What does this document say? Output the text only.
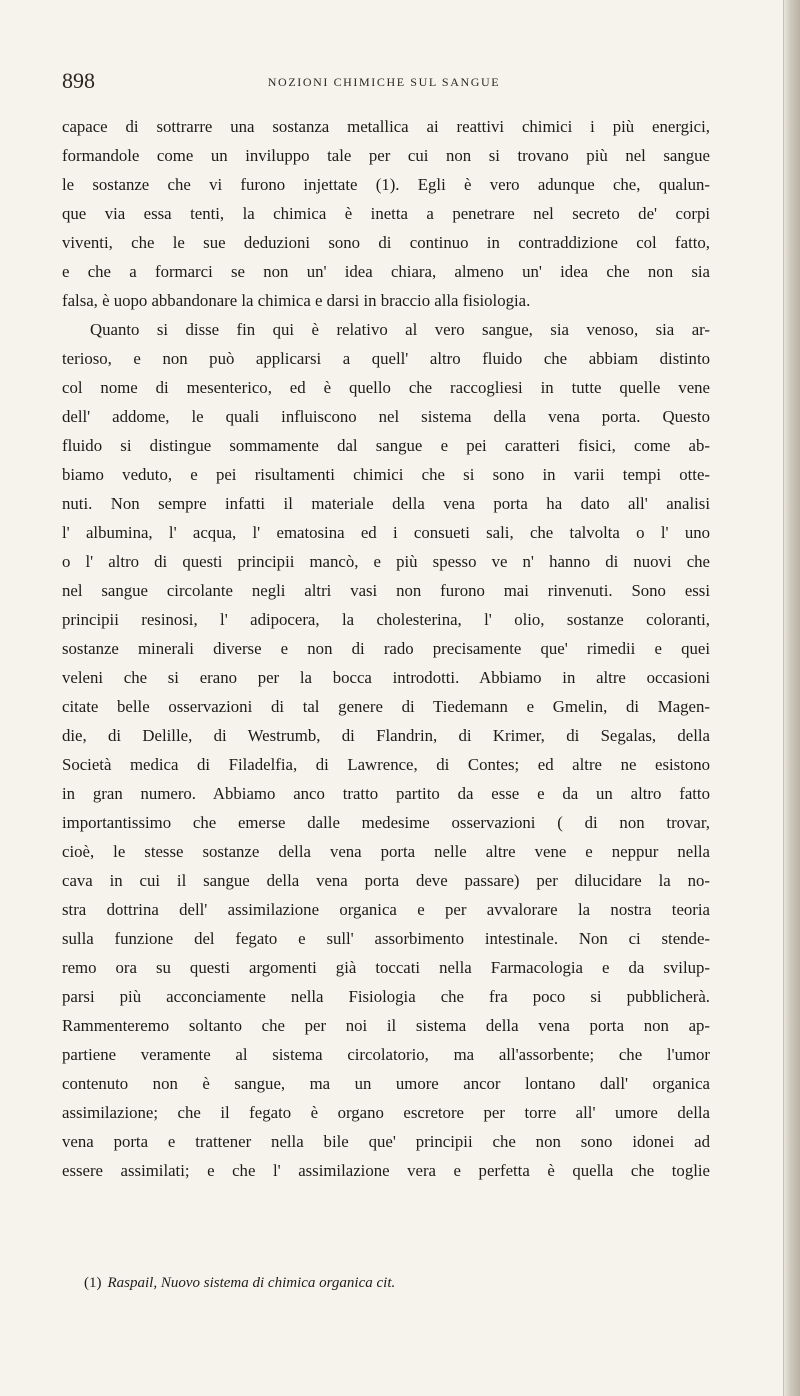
898	NOZIONI CHIMICHE SUL SANGUE
capace di sottrarre una sostanza metallica ai reattivi chimici i più energici,
formandole come un inviluppo tale per cui non si trovano più nel sangue
le sostanze che vi furono injettate (1). Egli è vero adunque che, qualun-
que via essa tenti, la chimica è inetta a penetrare nel secreto de' corpi
viventi, che le sue deduzioni sono di continuo in contraddizione col fatto,
e che a formarci se non un' idea chiara, almeno un' idea che non sia
falsa, è uopo abbandonare la chimica e darsi in braccio alla fisiologia.
Quanto si disse fin qui è relativo al vero sangue, sia venoso, sia ar-
terioso, e non può applicarsi a quell' altro fluido che abbiam distinto
col nome di mesenterico, ed è quello che raccogliesi in tutte quelle vene
dell' addome, le quali influiscono nel sistema della vena porta. Questo
fluido si distingue sommamente dal sangue e pei caratteri fisici, come ab-
biamo veduto, e pei risultamenti chimici che si sono in varii tempi otte-
nuti. Non sempre infatti il materiale della vena porta ha dato all' analisi
l' albumina, l' acqua, l' ematosina ed i consueti sali, che talvolta o l' uno
o l' altro di questi principii mancò, e più spesso ve n' hanno di nuovi che
nel sangue circolante negli altri vasi non furono mai rinvenuti. Sono essi
principii resinosi, l' adipocera, la cholesterina, l' olio, sostanze coloranti,
sostanze minerali diverse e non di rado precisamente que' rimedii e quei
veleni che si erano per la bocca introdotti. Abbiamo in altre occasioni
citate belle osservazioni di tal genere di Tiedemann e Gmelin, di Magen-
die, di Delille, di Westrumb, di Flandrin, di Krimer, di Segalas, della
Società medica di Filadelfia, di Lawrence, di Contes; ed altre ne esistono
in gran numero. Abbiamo anco tratto partito da esse e da un altro fatto
importantissimo che emerse dalle medesime osservazioni ( di non trovar,
cioè, le stesse sostanze della vena porta nelle altre vene e neppur nella
cava in cui il sangue della vena porta deve passare) per dilucidare la no-
stra dottrina dell' assimilazione organica e per avvalorare la nostra teoria
sulla funzione del fegato e sull' assorbimento intestinale. Non ci stende-
remo ora su questi argomenti già toccati nella Farmacologia e da svilup-
parsi più acconciamente nella Fisiologia che fra poco si pubblicherà.
Rammenteremo soltanto che per noi il sistema della vena porta non ap-
partiene veramente al sistema circolatorio, ma all'assorbente; che l'umor
contenuto non è sangue, ma un umore ancor lontano dall' organica
assimilazione; che il fegato è organo escretore per torre all' umore della
vena porta e trattener nella bile que' principii che non sono idonei ad
essere assimilati; e che l' assimilazione vera e perfetta è quella che toglie
(1) Raspail, Nuovo sistema di chimica organica cit.
